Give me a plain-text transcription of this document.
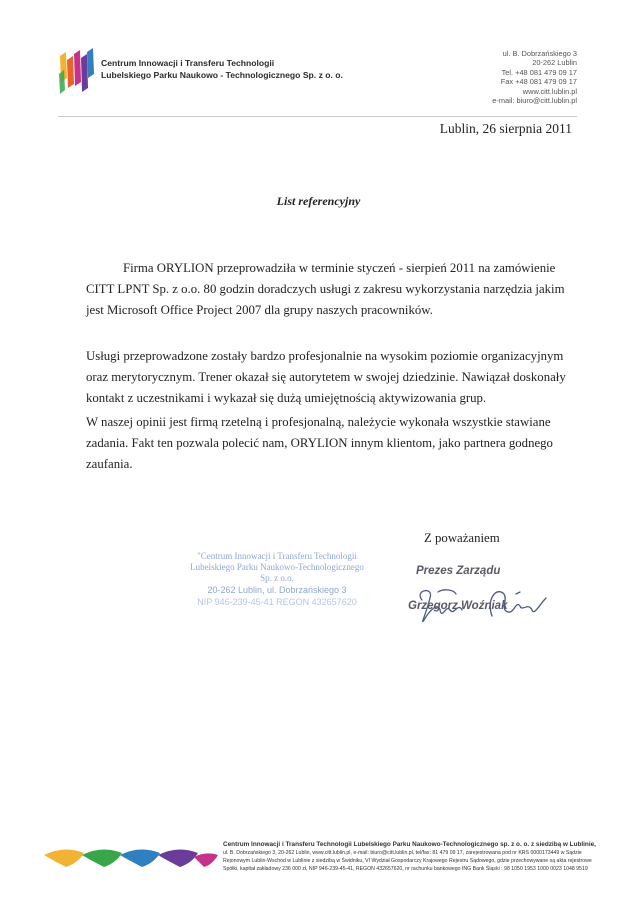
Centrum Innowacji i Transferu Technologii
Lubelskiego Parku Naukowo - Technologicznego Sp. z o. o.
ul. B. Dobrzańskiego 3
20-262 Lublin
Tel. +48 081 479 09 17
Fax +48 081 479 09 17
www.citt.lublin.pl
e-mail: biuro@citt.lublin.pl
Lublin, 26 sierpnia 2011
List referencyjny

Firma ORYLION przeprowadziła w terminie styczeń - sierpień 2011 na zamówienie
CITT LPNT Sp. z o.o. 80 godzin doradczych usługi z zakresu wykorzystania narzędzia jakim
jest Microsoft Office Project 2007 dla grupy naszych pracowników.

Usługi przeprowadzone zostały bardzo profesjonalnie na wysokim poziomie organizacyjnym
oraz merytorycznym. Trener okazał się autorytetem w swojej dziedzinie. Nawiązał doskonały
kontakt z uczestnikami i wykazał się dużą umiejętnością aktywizowania grup.

W naszej opinii jest firmą rzetelną i profesjonalną, należycie wykonała wszystkie stawiane
zadania. Fakt ten pozwala polecić nam, ORYLION innym klientom, jako partnera godnego
zaufania.

Z poważaniem
"Centrum Innowacji i Transferu Technologii
Lubelskiego Parku Naukowo-Technologicznego
Sp. z o.o.
20-262 Lublin, ul. Dobrzańskiego 3
NIP 946-239-45-41 REGON 432657620
Prezes Zarządu
Grzegorz Woźniak
Centrum Innowacji i Transferu Technologii Lubelskiego Parku Naukowo-Technologicznego sp. z o. o. z siedzibą w Lublinie,
ul. B. Dobrzańskiego 3, 20-262 Lublin, www.citt.lublin.pl, e-mail: biuro@citt.lublin.pl, tel/fax: 81 479 09 17, zarejestrowana pod nr KRS 0000173449 w Sądzie
Rejonowym Lublin-Wschód w Lublinie z siedzibą w Świdniku, VI Wydział Gospodarczy Krajowego Rejestru Sądowego, gdzie przechowywane są akta rejestrowe
Spółki, kapitał zakładowy 236 000 zł, NIP 946-239-45-41, REGON 432657620, nr rachunku bankowego ING Bank Śląski : 98 1050 1953 1000 0023 1048 9519
